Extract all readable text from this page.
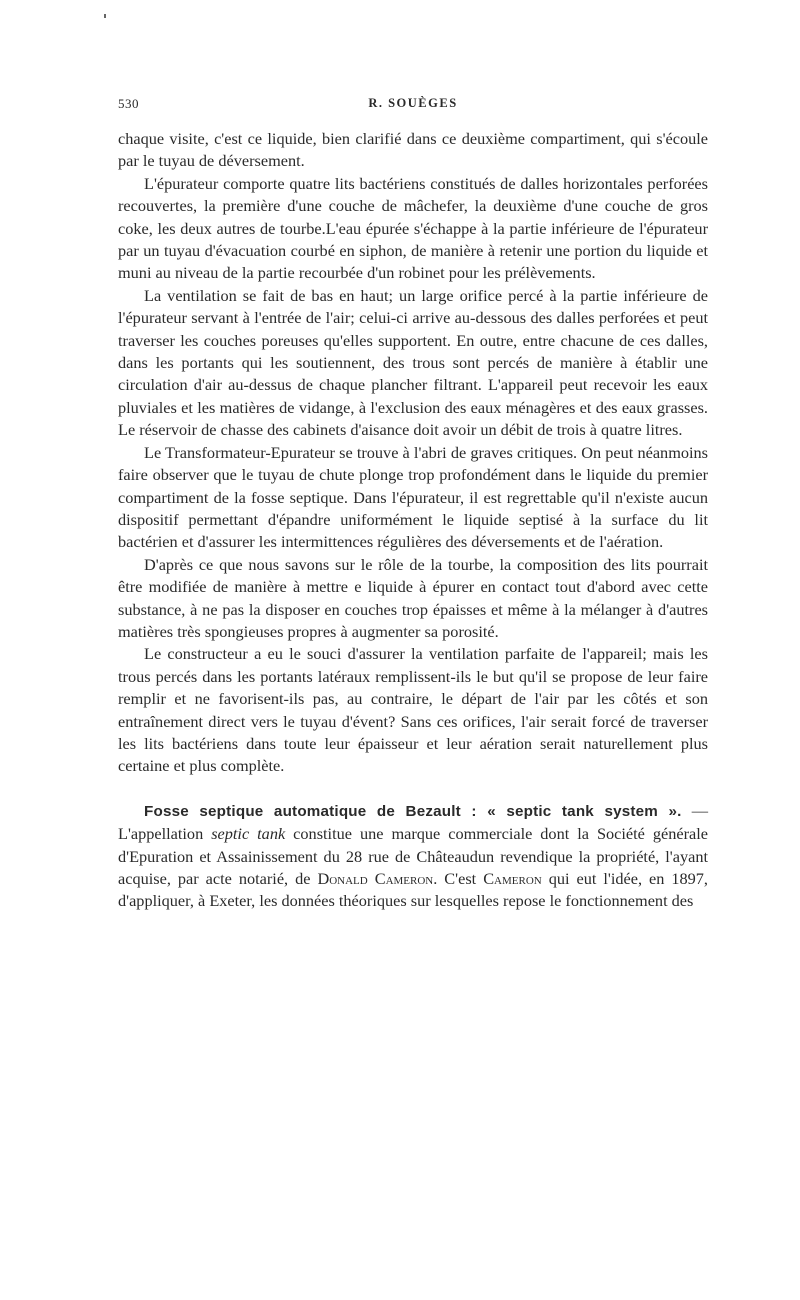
530	R. SOUÈGES

chaque visite, c'est ce liquide, bien clarifié dans ce deuxième compartiment, qui s'écoule par le tuyau de déversement.

L'épurateur comporte quatre lits bactériens constitués de dalles horizontales perforées recouvertes, la première d'une couche de mâchefer, la deuxième d'une couche de gros coke, les deux autres de tourbe.L'eau épurée s'échappe à la partie inférieure de l'épurateur par un tuyau d'évacuation courbé en siphon, de manière à retenir une portion du liquide et muni au niveau de la partie recourbée d'un robinet pour les prélèvements.

La ventilation se fait de bas en haut; un large orifice percé à la partie inférieure de l'épurateur servant à l'entrée de l'air; celui-ci arrive au-dessous des dalles perforées et peut traverser les couches poreuses qu'elles supportent. En outre, entre chacune de ces dalles, dans les portants qui les soutiennent, des trous sont percés de manière à établir une circulation d'air au-dessus de chaque plancher filtrant. L'appareil peut recevoir les eaux pluviales et les matières de vidange, à l'exclusion des eaux ménagères et des eaux grasses. Le réservoir de chasse des cabinets d'aisance doit avoir un débit de trois à quatre litres.

Le Transformateur-Epurateur se trouve à l'abri de graves critiques. On peut néanmoins faire observer que le tuyau de chute plonge trop profondément dans le liquide du premier compartiment de la fosse septique. Dans l'épurateur, il est regrettable qu'il n'existe aucun dispositif permettant d'épandre uniformément le liquide septisé à la surface du lit bactérien et d'assurer les intermittences régulières des déversements et de l'aération.

D'après ce que nous savons sur le rôle de la tourbe, la composition des lits pourrait être modifiée de manière à mettre e liquide à épurer en contact tout d'abord avec cette substance, à ne pas la disposer en couches trop épaisses et même à la mélanger à d'autres matières très spongieuses propres à augmenter sa porosité.

Le constructeur a eu le souci d'assurer la ventilation parfaite de l'appareil; mais les trous percés dans les portants latéraux remplissent-ils le but qu'il se propose de leur faire remplir et ne favorisent-ils pas, au contraire, le départ de l'air par les côtés et son entraînement direct vers le tuyau d'évent? Sans ces orifices, l'air serait forcé de traverser les lits bactériens dans toute leur épaisseur et leur aération serait naturellement plus certaine et plus complète.

Fosse septique automatique de Bezault : « septic tank system ». — L'appellation septic tank constitue une marque commerciale dont la Société générale d'Epuration et Assainissement du 28 rue de Châteaudun revendique la propriété, l'ayant acquise, par acte notarié, de Donald Cameron. C'est Cameron qui eut l'idée, en 1897, d'appliquer, à Exeter, les données théoriques sur lesquelles repose le fonctionnement des
